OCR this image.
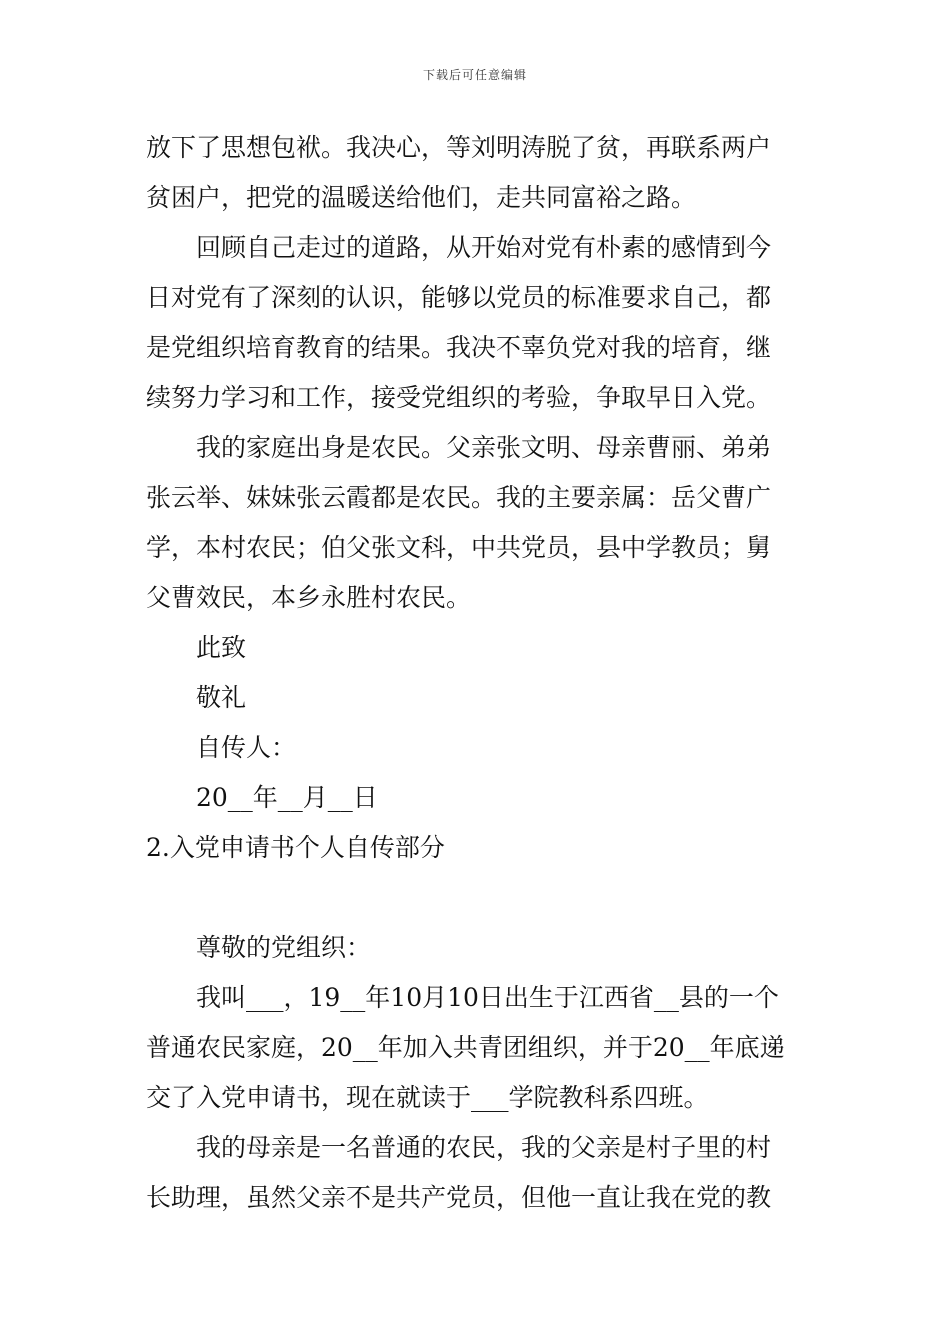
下载后可任意编辑
放下了思想包袱。我决心，等刘明涛脱了贫，再联系两户
贫困户，把党的温暖送给他们，走共同富裕之路。
回顾自己走过的道路，从开始对党有朴素的感情到今
日对党有了深刻的认识，能够以党员的标准要求自己，都
是党组织培育教育的结果。我决不辜负党对我的培育，继
续努力学习和工作，接受党组织的考验，争取早日入党。
我的家庭出身是农民。父亲张文明、母亲曹丽、弟弟
张云举、妹妹张云霞都是农民。我的主要亲属：岳父曹广
学，本村农民；伯父张文科，中共党员，县中学教员；舅
父曹效民，本乡永胜村农民。
此致
敬礼
自传人：
20__年__月__日
2.入党申请书个人自传部分
尊敬的党组织：
我叫___，19__年10月10日出生于江西省__县的一个
普通农民家庭，20__年加入共青团组织，并于20__年底递
交了入党申请书，现在就读于___学院教科系四班。
我的母亲是一名普通的农民，我的父亲是村子里的村
长助理，虽然父亲不是共产党员，但他一直让我在党的教
